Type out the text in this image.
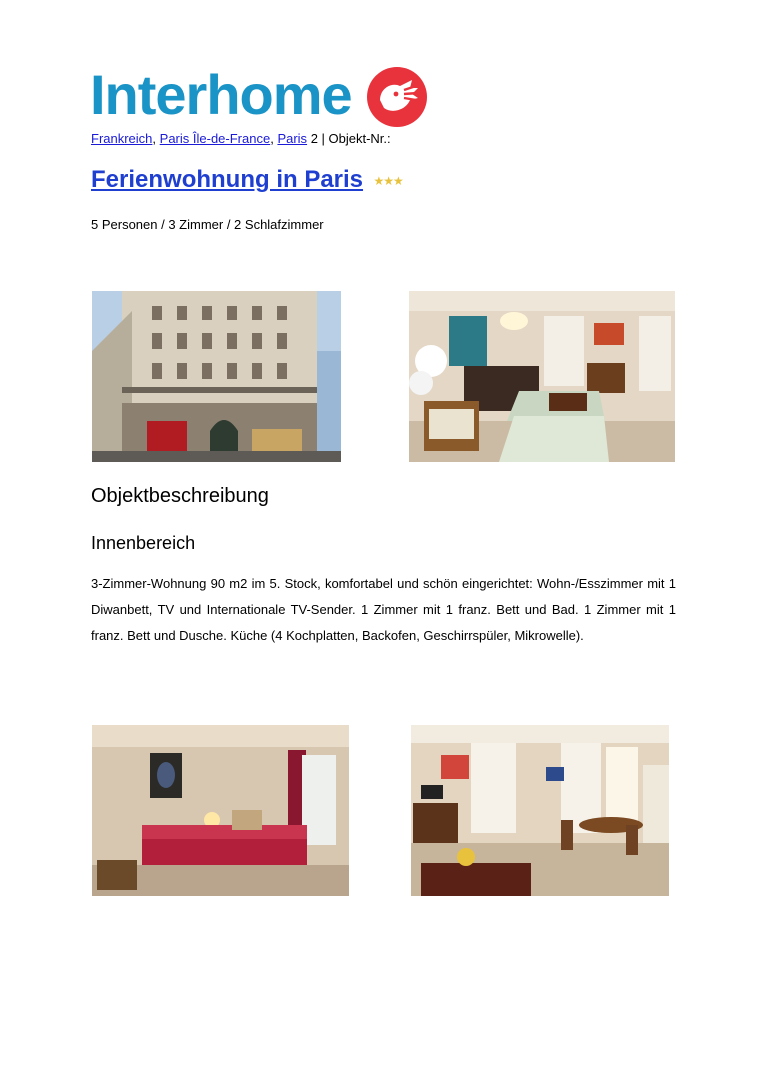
Interhome
Frankreich, Paris Île-de-France, Paris 2 | Objekt-Nr.:
Ferienwohnung in Paris ★★★
5 Personen / 3 Zimmer / 2 Schlafzimmer
Objektbeschreibung
Innenbereich
3-Zimmer-Wohnung 90 m2 im 5. Stock, komfortabel und schön eingerichtet: Wohn-/Esszimmer mit 1 Diwanbett, TV und Internationale TV-Sender. 1 Zimmer mit 1 franz. Bett und Bad. 1 Zimmer mit 1 franz. Bett und Dusche. Küche (4 Kochplatten, Backofen, Geschirrspüler, Mikrowelle).
